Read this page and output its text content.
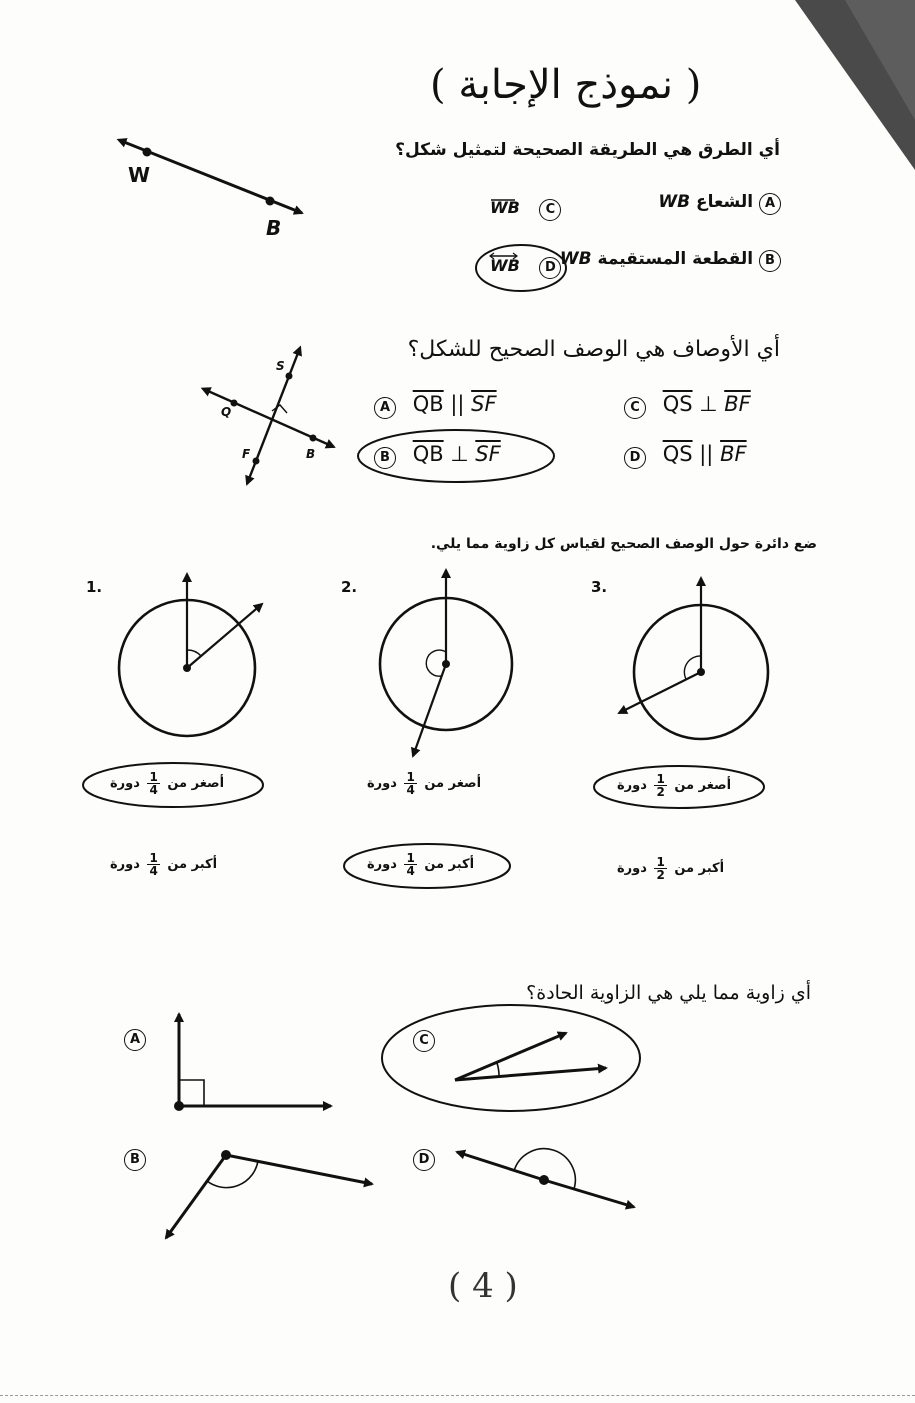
( نموذج الإجابة )
أي الطرق هي الطريقة الصحيحة لتمثيل شكل؟
W
B
A الشعاع WB
B القطعة المستقيمة WB
WB C
WB D
أي الأوصاف هي الوصف الصحيح للشكل؟
S
Q
F	B
A $\overline{QB}$ || $\overline{SF}$
B $\overline{QB}$ ⊥ $\overline{SF}$
C $\overline{QS}$ ⊥ $\overline{BF}$
D $\overline{QS}$ || $\overline{BF}$
ضع دائرة حول الوصف الصحيح لقياس كل زاوية مما يلي.
1.	2.	3.
أصغر من
$\frac{1}{4}$
دورة
أكبر من
$\frac{1}{4}$
دورة
أصغر من
$\frac{1}{4}$
دورة
أكبر من
$\frac{1}{4}$
دورة
أصغر من
$\frac{1}{2}$
دورة
أكبر من
$\frac{1}{2}$
دورة
أي زاوية مما يلي هي الزاوية الحادة؟
A	C
B	D
( 4 )
